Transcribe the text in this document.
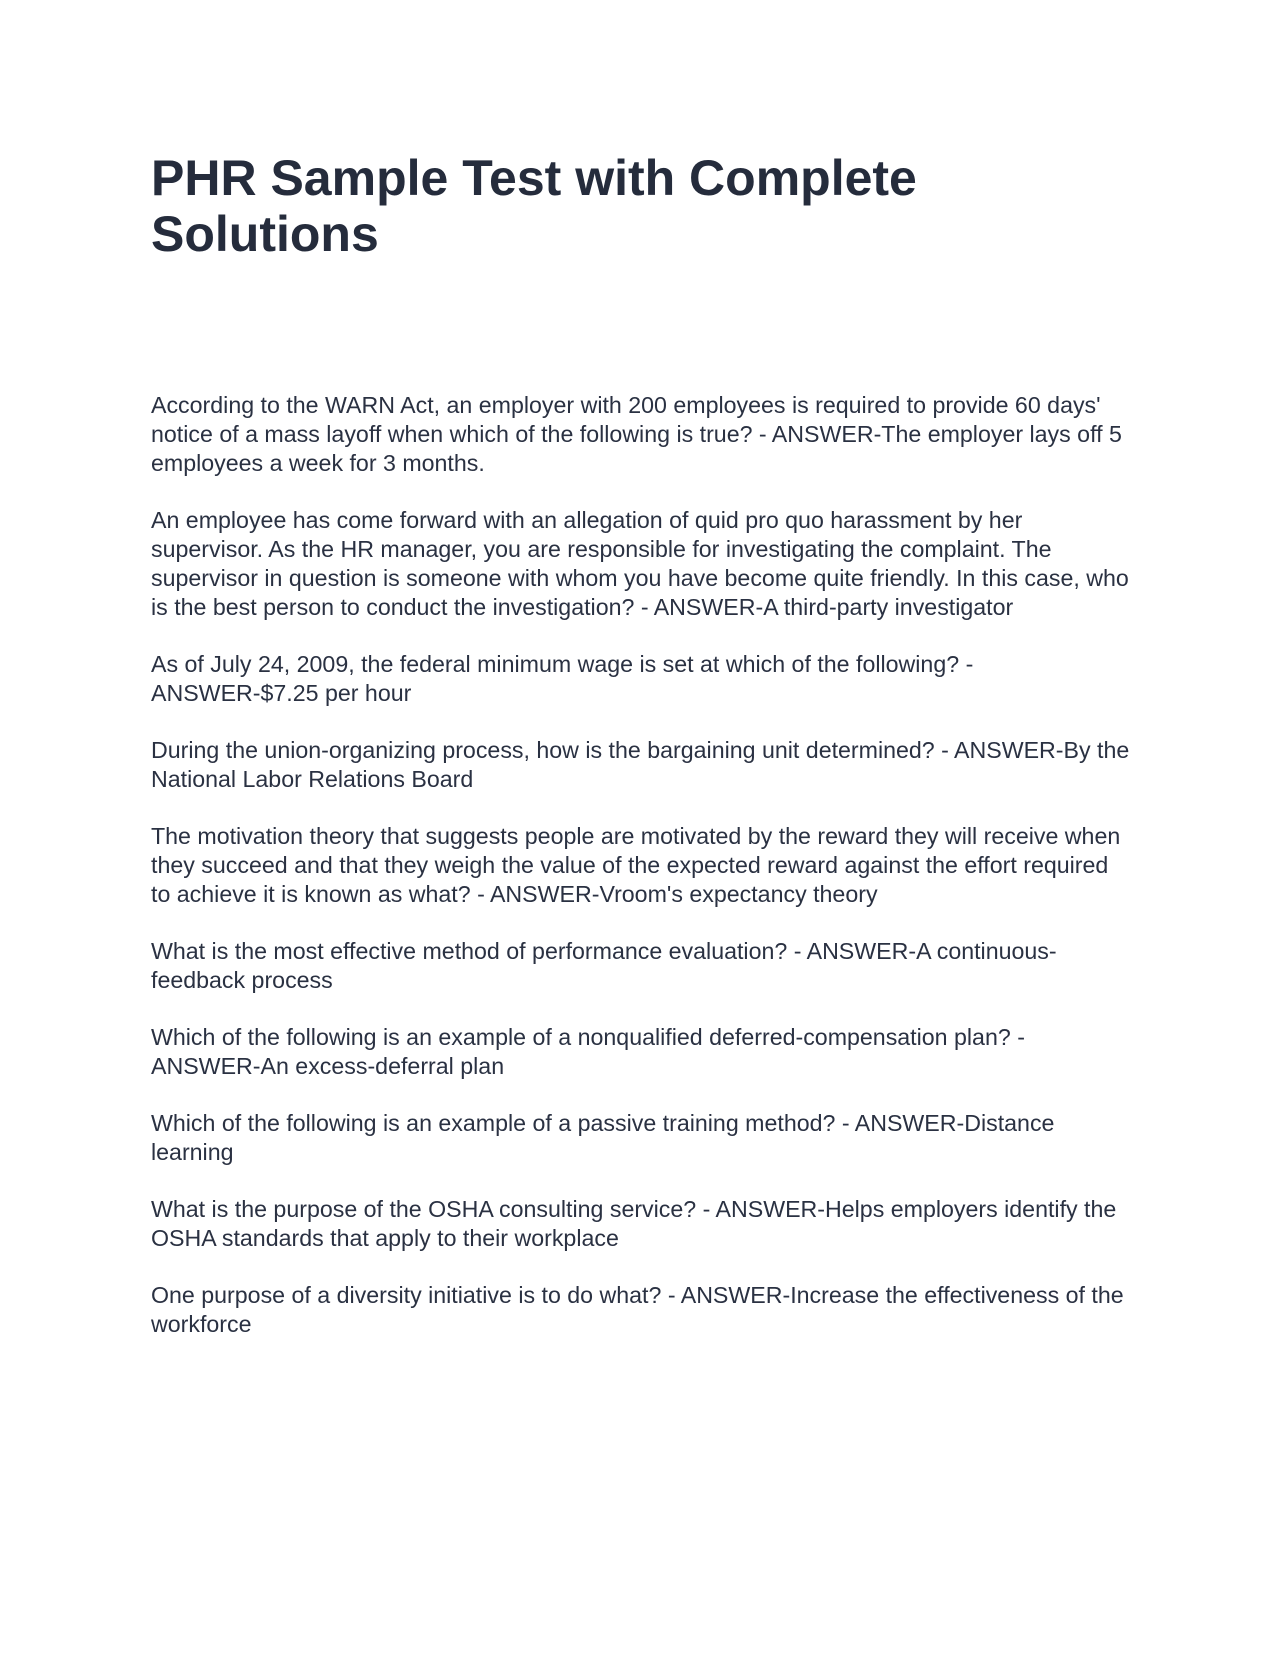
PHR Sample Test with Complete Solutions

According to the WARN Act, an employer with 200 employees is required to provide 60 days' notice of a mass layoff when which of the following is true? - ANSWER-The employer lays off 5 employees a week for 3 months.

An employee has come forward with an allegation of quid pro quo harassment by her supervisor. As the HR manager, you are responsible for investigating the complaint. The supervisor in question is someone with whom you have become quite friendly. In this case, who is the best person to conduct the investigation? - ANSWER-A third-party investigator

As of July 24, 2009, the federal minimum wage is set at which of the following? - ANSWER-$7.25 per hour

During the union-organizing process, how is the bargaining unit determined? - ANSWER-By the National Labor Relations Board

The motivation theory that suggests people are motivated by the reward they will receive when they succeed and that they weigh the value of the expected reward against the effort required to achieve it is known as what? - ANSWER-Vroom's expectancy theory

What is the most effective method of performance evaluation? - ANSWER-A continuous-feedback process

Which of the following is an example of a nonqualified deferred-compensation plan? - ANSWER-An excess-deferral plan

Which of the following is an example of a passive training method? - ANSWER-Distance learning

What is the purpose of the OSHA consulting service? - ANSWER-Helps employers identify the OSHA standards that apply to their workplace

One purpose of a diversity initiative is to do what? - ANSWER-Increase the effectiveness of the workforce
